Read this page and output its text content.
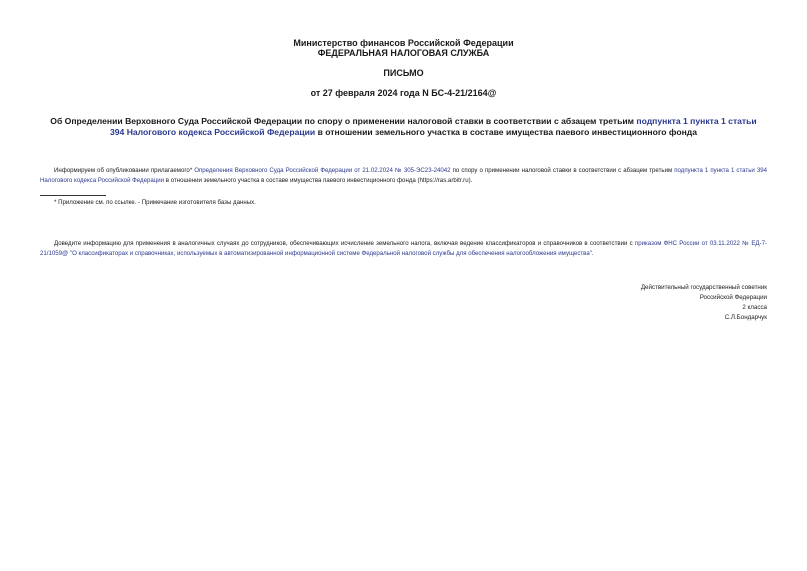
Министерство финансов Российской Федерации
ФЕДЕРАЛЬНАЯ НАЛОГОВАЯ СЛУЖБА
ПИСЬМО
от 27 февраля 2024 года N БС-4-21/2164@
Об Определении Верховного Суда Российской Федерации по спору о применении налоговой ставки в соответствии с абзацем третьим подпункта 1 пункта 1 статьи 394 Налогового кодекса Российской Федерации в отношении земельного участка в составе имущества паевого инвестиционного фонда
Информируем об опубликовании прилагаемого* Определения Верховного Суда Российской Федерации от 21.02.2024 № 305-ЭС23-24042 по спору о применении налоговой ставки в соответствии с абзацем третьим подпункта 1 пункта 1 статьи 394 Налогового кодекса Российской Федерации в отношении земельного участка в составе имущества паевого инвестиционного фонда (https://ras.arbitr.ru).
* Приложение см. по ссылке. - Примечание изготовителя базы данных.
Доведите информацию для применения в аналогичных случаях до сотрудников, обеспечивающих исчисление земельного налога, включая ведение классификаторов и справочников в соответствии с приказом ФНС России от 03.11.2022 № ЕД-7-21/1059@ "О классификаторах и справочниках, используемых в автоматизированной информационной системе Федеральной налоговой службы для обеспечения налогообложения имущества".
Действительный государственный советник
Российской Федерации
2 класса
С.Л.Бондарчук
